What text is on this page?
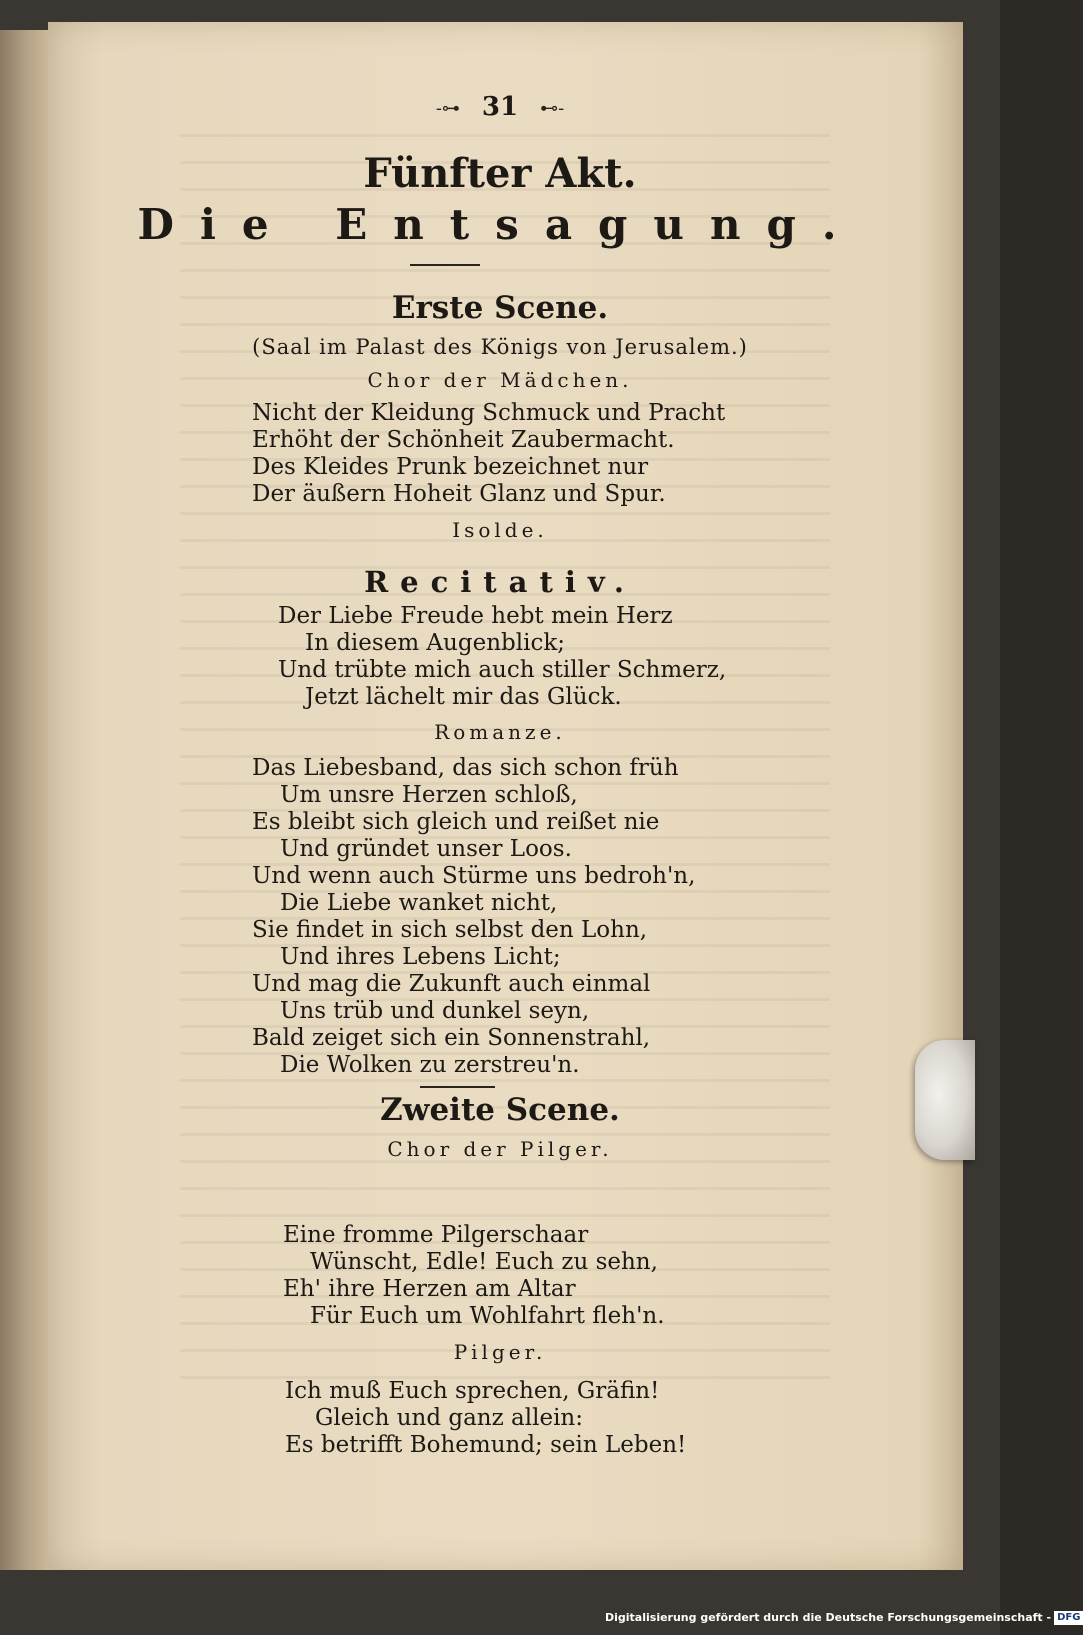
-⊶ 31 ⊷-
Fünfter Akt.
Die Entsagung.
Erste Scene.
(Saal im Palast des Königs von Jerusalem.)
Chor der Mädchen.
Nicht der Kleidung Schmuck und Pracht
Erhöht der Schönheit Zaubermacht.
Des Kleides Prunk bezeichnet nur
Der äußern Hoheit Glanz und Spur.
Isolde.
Recitativ.
Der Liebe Freude hebt mein Herz
In diesem Augenblick;
Und trübte mich auch stiller Schmerz,
Jetzt lächelt mir das Glück.
Romanze.
Das Liebesband, das sich schon früh
Um unsre Herzen schloß,
Es bleibt sich gleich und reißet nie
Und gründet unser Loos.
Und wenn auch Stürme uns bedroh'n,
Die Liebe wanket nicht,
Sie findet in sich selbst den Lohn,
Und ihres Lebens Licht;
Und mag die Zukunft auch einmal
Uns trüb und dunkel seyn,
Bald zeiget sich ein Sonnenstrahl,
Die Wolken zu zerstreu'n.
Zweite Scene.
Chor der Pilger.
Eine fromme Pilgerschaar
Wünscht, Edle! Euch zu sehn,
Eh' ihre Herzen am Altar
Für Euch um Wohlfahrt fleh'n.
Pilger.
Ich muß Euch sprechen, Gräfin!
Gleich und ganz allein:
Es betrifft Bohemund; sein Leben!
Digitalisierung gefördert durch die Deutsche Forschungsgemeinschaft - DFG
